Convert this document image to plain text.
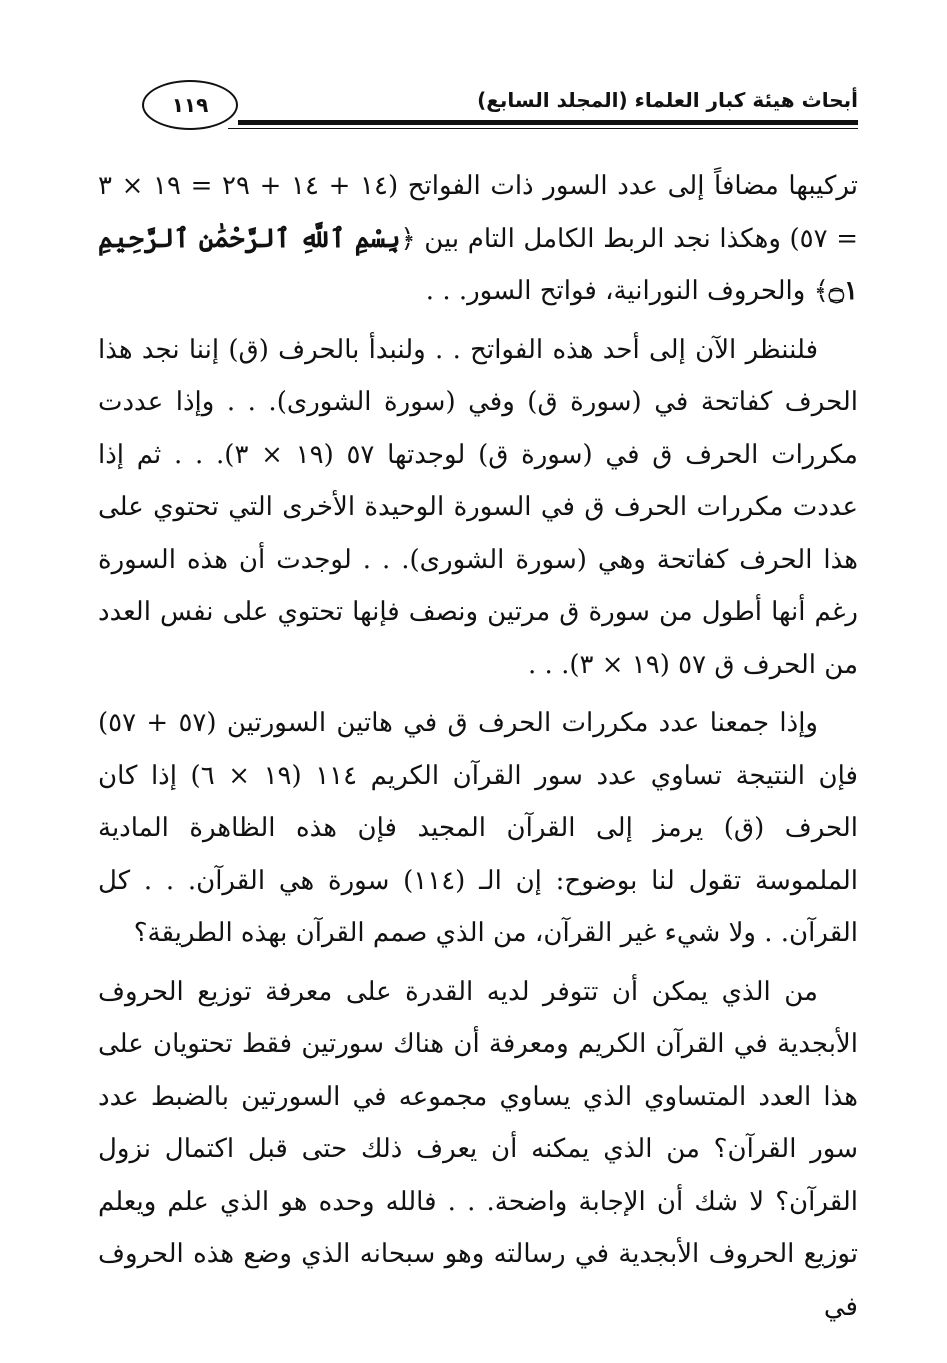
أبحاث هيئة كبار العلماء (المجلد السابع)
١١٩

تركيبها مضافاً إلى عدد السور ذات الفواتح (١٤ + ١٤ + ٢٩ = ١٩ × ٣ = ٥٧) وهكذا نجد الربط الكامل التام بين ﴿بِسْمِ ٱللَّهِ ٱلرَّحْمَٰنِ ٱلرَّحِيمِ ۝١﴾ والحروف النورانية، فواتح السور. . .

فلننظر الآن إلى أحد هذه الفواتح . . ولنبدأ بالحرف (ق) إننا نجد هذا الحرف كفاتحة في (سورة ق) وفي (سورة الشورى). . . وإذا عددت مكررات الحرف ق في (سورة ق) لوجدتها ٥٧ (١٩ × ٣). . . ثم إذا عددت مكررات الحرف ق في السورة الوحيدة الأخرى التي تحتوي على هذا الحرف كفاتحة وهي (سورة الشورى). . . لوجدت أن هذه السورة رغم أنها أطول من سورة ق مرتين ونصف فإنها تحتوي على نفس العدد من الحرف ق ٥٧ (١٩ × ٣). . .

وإذا جمعنا عدد مكررات الحرف ق في هاتين السورتين (٥٧ + ٥٧) فإن النتيجة تساوي عدد سور القرآن الكريم ١١٤ (١٩ × ٦) إذا كان الحرف (ق) يرمز إلى القرآن المجيد فإن هذه الظاهرة المادية الملموسة تقول لنا بوضوح: إن الـ (١١٤) سورة هي القرآن. . . كل القرآن. . ولا شيء غير القرآن، من الذي صمم القرآن بهذه الطريقة؟

من الذي يمكن أن تتوفر لديه القدرة على معرفة توزيع الحروف الأبجدية في القرآن الكريم ومعرفة أن هناك سورتين فقط تحتويان على هذا العدد المتساوي الذي يساوي مجموعه في السورتين بالضبط عدد سور القرآن؟ من الذي يمكنه أن يعرف ذلك حتى قبل اكتمال نزول القرآن؟ لا شك أن الإجابة واضحة. . . فالله وحده هو الذي علم ويعلم توزيع الحروف الأبجدية في رسالته وهو سبحانه الذي وضع هذه الحروف في
